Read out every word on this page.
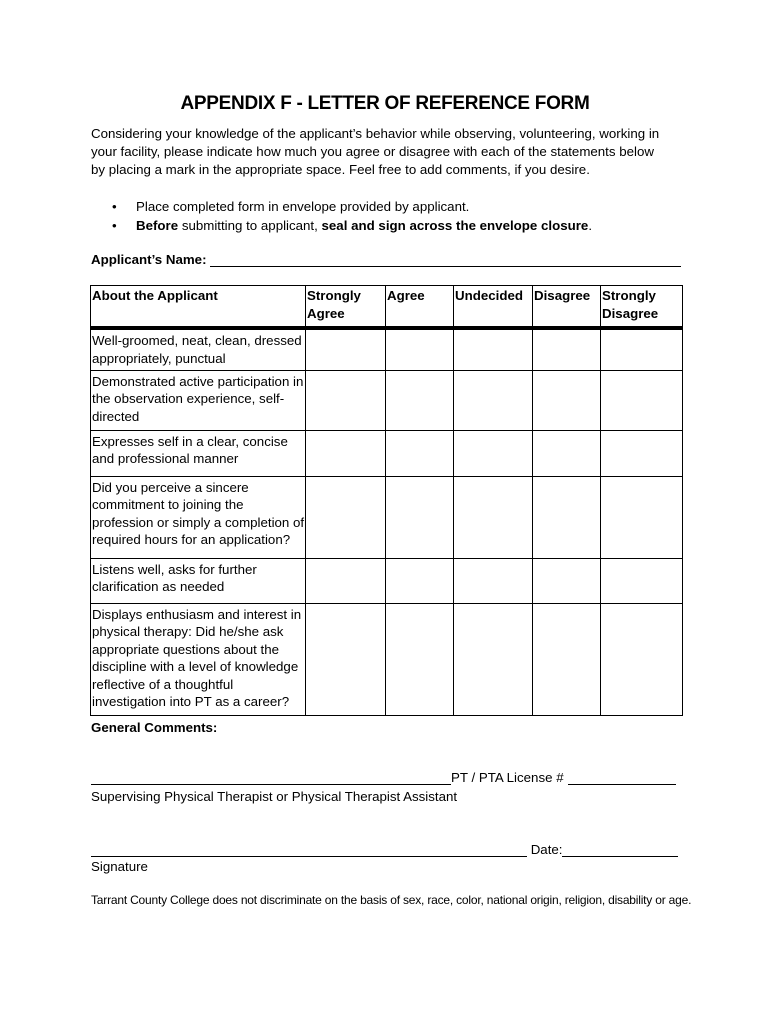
APPENDIX F - LETTER OF REFERENCE FORM
Considering your knowledge of the applicant’s behavior while observing, volunteering, working in your facility, please indicate how much you agree or disagree with each of the statements below by placing a mark in the appropriate space. Feel free to add comments, if you desire.
• Place completed form in envelope provided by applicant.
• Before submitting to applicant, seal and sign across the envelope closure.
Applicant’s Name:
About the Applicant	Strongly Agree	Agree	Undecided	Disagree	Strongly Disagree
Well-groomed, neat, clean, dressed appropriately, punctual					
Demonstrated active participation in the observation experience, self-directed					
Expresses self in a clear, concise and professional manner					
Did you perceive a sincere commitment to joining the profession or simply a completion of required hours for an application?					
Listens well, asks for further clarification as needed					
Displays enthusiasm and interest in physical therapy: Did he/she ask appropriate questions about the discipline with a level of knowledge reflective of a thoughtful investigation into PT as a career?					
General Comments:
PT / PTA License #
Supervising Physical Therapist or Physical Therapist Assistant
Date:
Signature
Tarrant County College does not discriminate on the basis of sex, race, color, national origin, religion, disability or age.
